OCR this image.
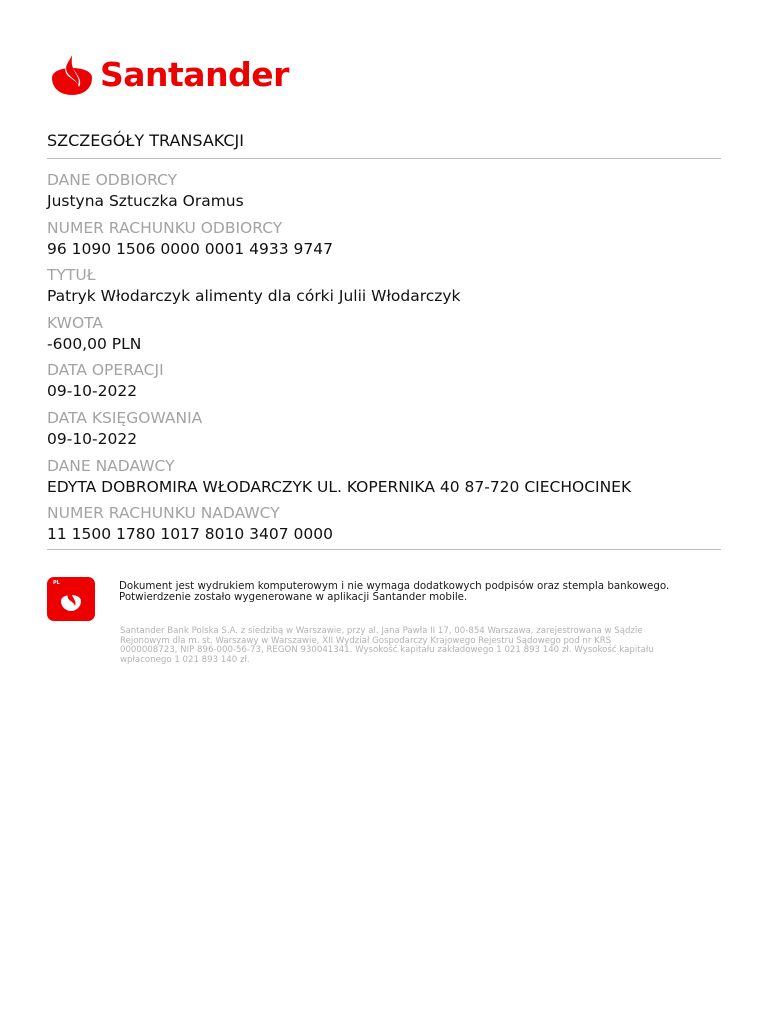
Santander
SZCZEGÓŁY TRANSAKCJI
DANE ODBIORCY
Justyna Sztuczka Oramus
NUMER RACHUNKU ODBIORCY
96 1090 1506 0000 0001 4933 9747
TYTUŁ
Patryk Włodarczyk alimenty dla córki Julii Włodarczyk
KWOTA
-600,00 PLN
DATA OPERACJI
09-10-2022
DATA KSIĘGOWANIA
09-10-2022
DANE NADAWCY
EDYTA DOBROMIRA WŁODARCZYK UL. KOPERNIKA 40 87-720 CIECHOCINEK
NUMER RACHUNKU NADAWCY
11 1500 1780 1017 8010 3407 0000
PL	Dokument jest wydrukiem komputerowym i nie wymaga dodatkowych podpisów oraz stempla bankowego. Potwierdzenie zostało wygenerowane w aplikacji Santander mobile.
Santander Bank Polska S.A. z siedzibą w Warszawie, przy al. Jana Pawła II 17, 00-854 Warszawa, zarejestrowana w Sądzie Rejonowym dla m. st. Warszawy w Warszawie, XII Wydział Gospodarczy Krajowego Rejestru Sądowego pod nr KRS 0000008723, NIP 896-000-56-73, REGON 930041341. Wysokość kapitału zakładowego 1 021 893 140 zł. Wysokość kapitału wpłaconego 1 021 893 140 zł.
